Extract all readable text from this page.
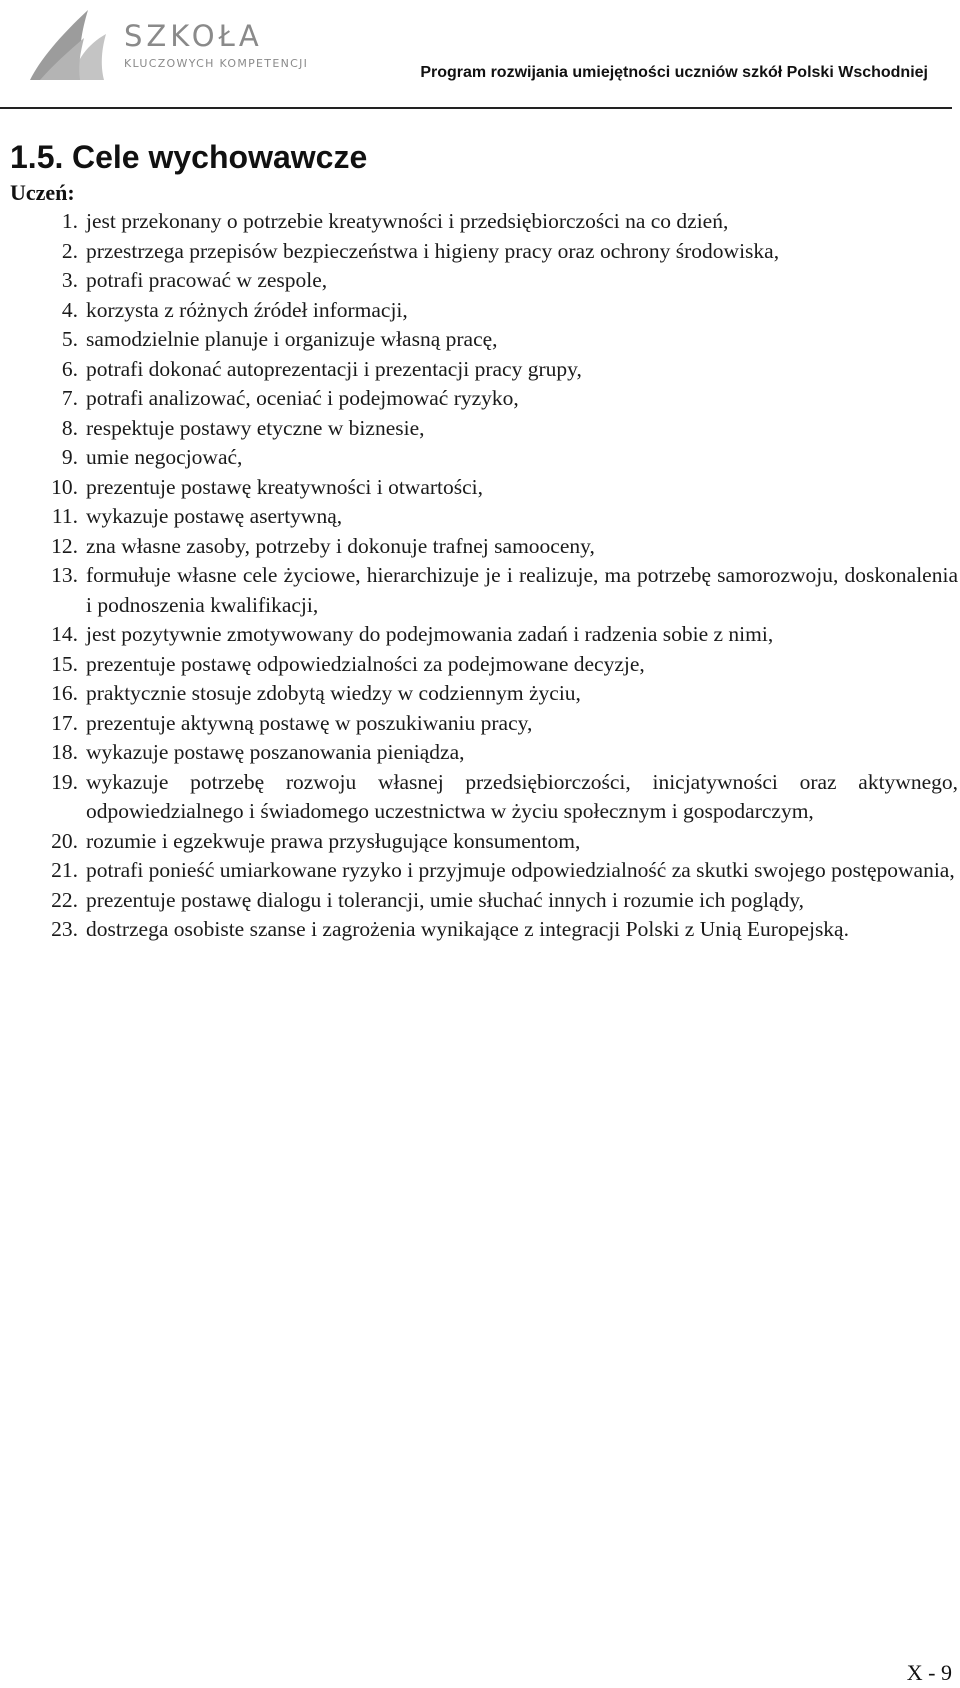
SZKOŁA
KLUCZOWYCH KOMPETENCJI
Program rozwijania umiejętności uczniów szkół Polski Wschodniej
1.5. Cele wychowawcze

Uczeń:

1. jest przekonany o potrzebie kreatywności i przedsiębiorczości na co dzień,
2. przestrzega przepisów bezpieczeństwa i higieny pracy oraz ochrony środowiska,
3. potrafi pracować w zespole,
4. korzysta z różnych źródeł informacji,
5. samodzielnie planuje i organizuje własną pracę,
6. potrafi dokonać autoprezentacji i prezentacji pracy grupy,
7. potrafi analizować, oceniać i podejmować ryzyko,
8. respektuje postawy etyczne w biznesie,
9. umie negocjować,
10. prezentuje postawę kreatywności i otwartości,
11. wykazuje postawę asertywną,
12. zna własne zasoby, potrzeby i dokonuje trafnej samooceny,
13. formułuje własne cele życiowe, hierarchizuje je i realizuje, ma potrzebę samorozwoju, doskonalenia i podnoszenia kwalifikacji,
14. jest pozytywnie zmotywowany do podejmowania zadań i radzenia sobie z nimi,
15. prezentuje postawę odpowiedzialności za podejmowane decyzje,
16. praktycznie stosuje zdobytą wiedzy w codziennym życiu,
17. prezentuje aktywną postawę w poszukiwaniu pracy,
18. wykazuje postawę poszanowania pieniądza,
19. wykazuje potrzebę rozwoju własnej przedsiębiorczości, inicjatywności oraz aktywnego, odpowiedzialnego i świadomego uczestnictwa w życiu społecznym i gospodarczym,
20. rozumie i egzekwuje prawa przysługujące konsumentom,
21. potrafi ponieść umiarkowane ryzyko i przyjmuje odpowiedzialność za skutki swojego postępowania,
22. prezentuje postawę dialogu i tolerancji, umie słuchać innych i rozumie ich poglądy,
23. dostrzega osobiste szanse i zagrożenia wynikające z integracji Polski z Unią Europejską.
X - 9
